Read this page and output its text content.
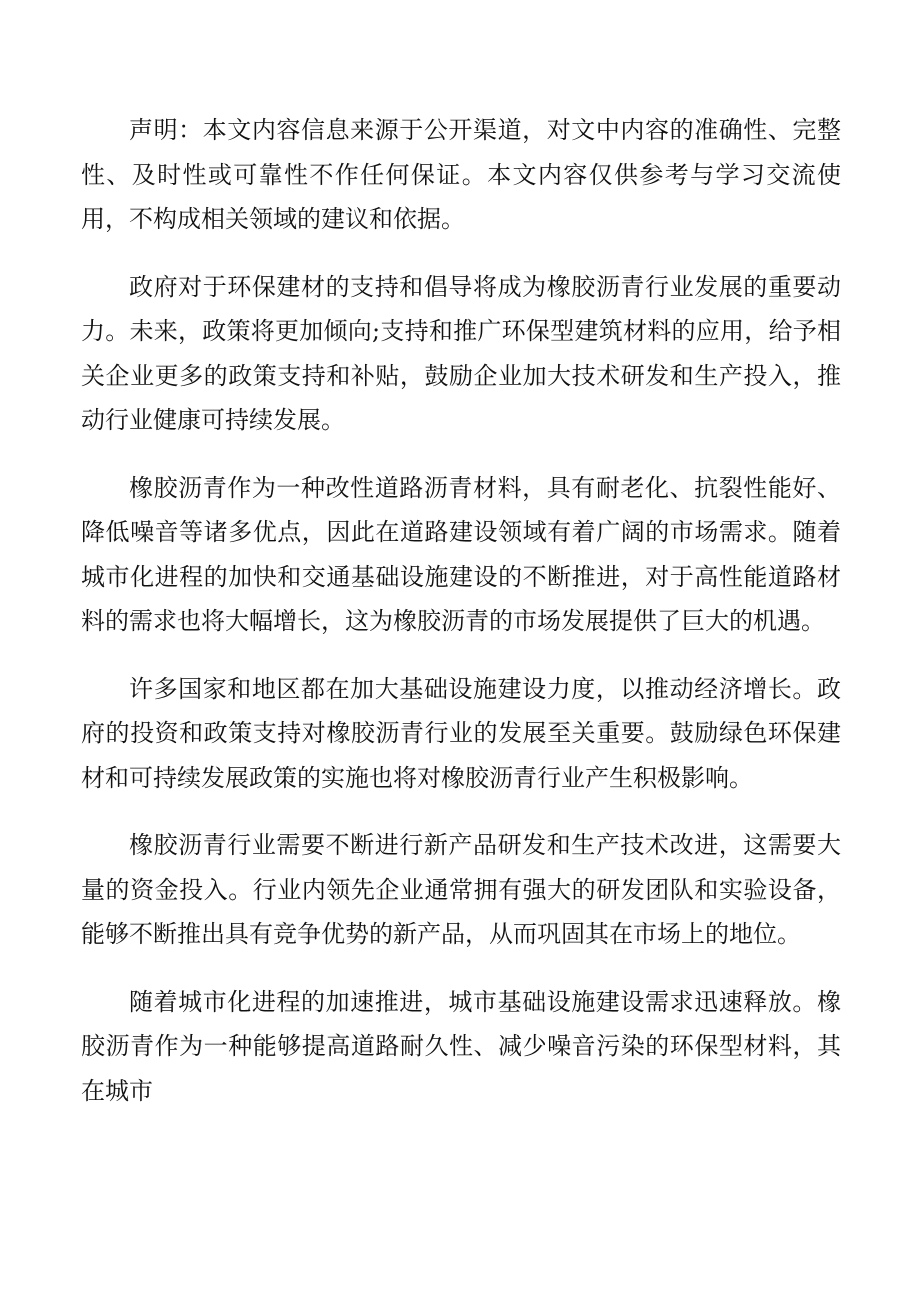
声明：本文内容信息来源于公开渠道，对文中内容的准确性、完整性、及时性或可靠性不作任何保证。本文内容仅供参考与学习交流使用，不构成相关领域的建议和依据。

政府对于环保建材的支持和倡导将成为橡胶沥青行业发展的重要动力。未来，政策将更加倾向;支持和推广环保型建筑材料的应用，给予相关企业更多的政策支持和补贴，鼓励企业加大技术研发和生产投入，推动行业健康可持续发展。

橡胶沥青作为一种改性道路沥青材料，具有耐老化、抗裂性能好、降低噪音等诸多优点，因此在道路建设领域有着广阔的市场需求。随着城市化进程的加快和交通基础设施建设的不断推进，对于高性能道路材料的需求也将大幅增长，这为橡胶沥青的市场发展提供了巨大的机遇。

许多国家和地区都在加大基础设施建设力度，以推动经济增长。政府的投资和政策支持对橡胶沥青行业的发展至关重要。鼓励绿色环保建材和可持续发展政策的实施也将对橡胶沥青行业产生积极影响。

橡胶沥青行业需要不断进行新产品研发和生产技术改进，这需要大量的资金投入。行业内领先企业通常拥有强大的研发团队和实验设备，能够不断推出具有竞争优势的新产品，从而巩固其在市场上的地位。

随着城市化进程的加速推进，城市基础设施建设需求迅速释放。橡胶沥青作为一种能够提高道路耐久性、减少噪音污染的环保型材料，其在城市
